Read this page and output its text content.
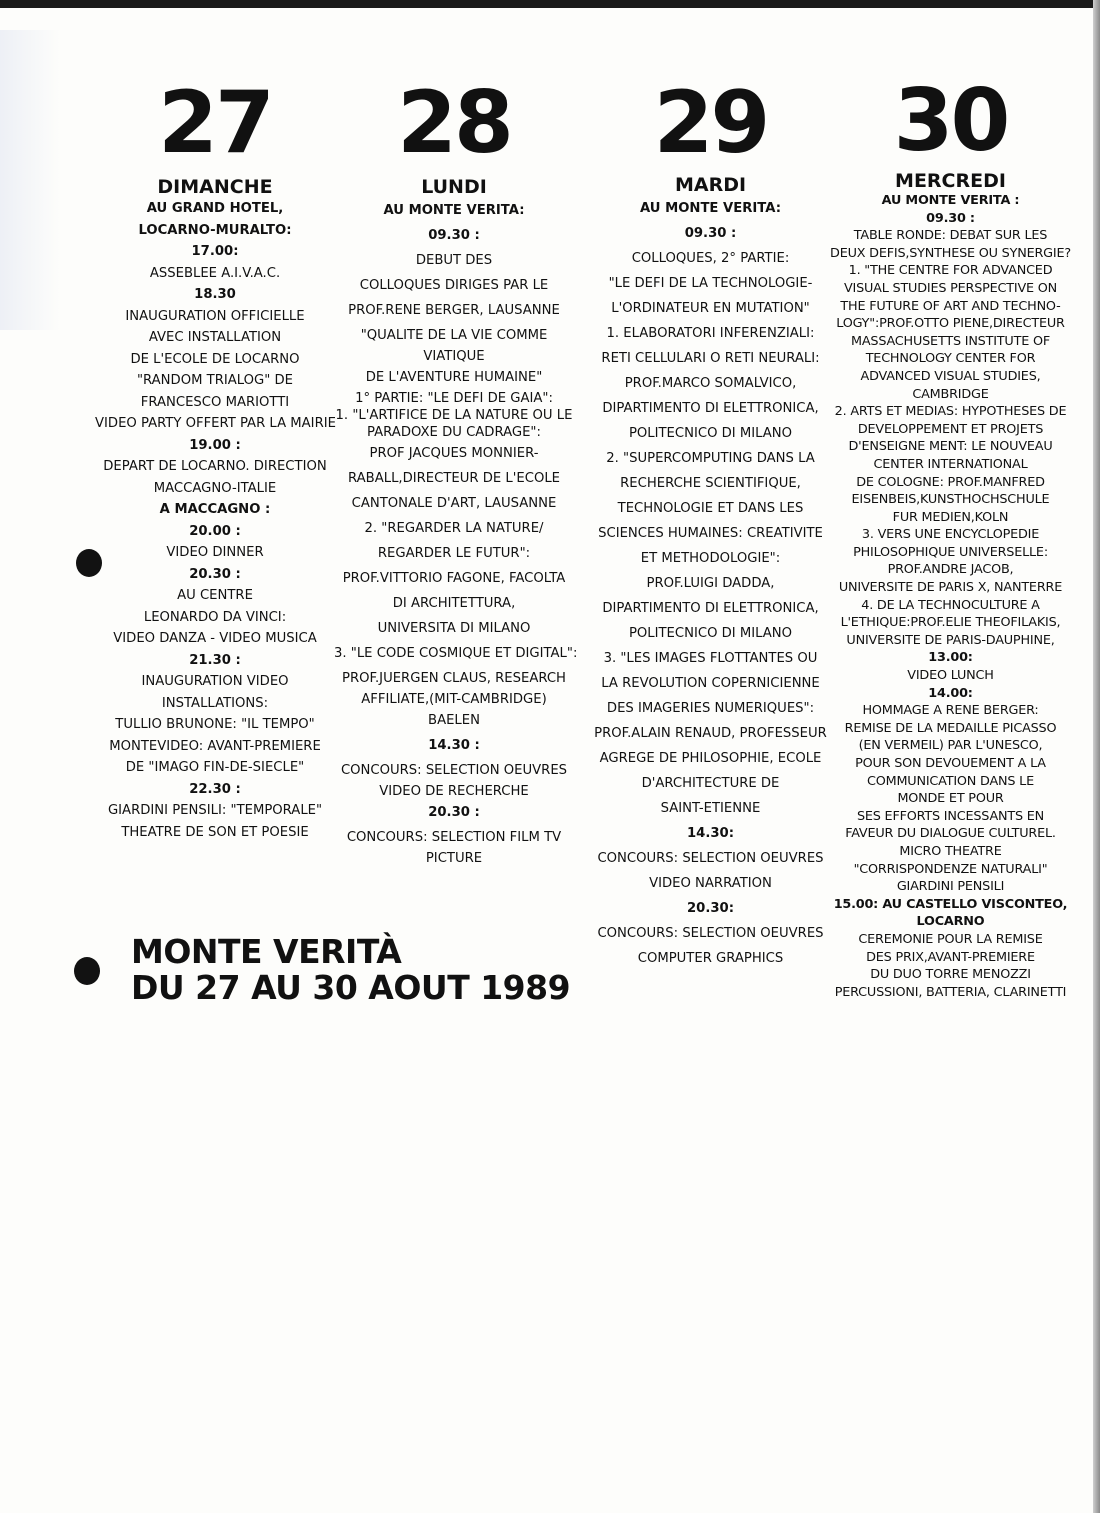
27
DIMANCHE
AU GRAND HOTEL,
LOCARNO-MURALTO:
17.00:
ASSEBLEE A.I.V.A.C.
18.30
INAUGURATION OFFICIELLE
AVEC INSTALLATION
DE L'ECOLE DE LOCARNO
"RANDOM TRIALOG" DE
FRANCESCO MARIOTTI
VIDEO PARTY OFFERT PAR LA MAIRIE
19.00 :
DEPART DE LOCARNO. DIRECTION
MACCAGNO-ITALIE
A MACCAGNO :
20.00 :
VIDEO DINNER
20.30 :
AU CENTRE
LEONARDO DA VINCI:
VIDEO DANZA - VIDEO MUSICA
21.30 :
INAUGURATION VIDEO
INSTALLATIONS:
TULLIO BRUNONE: "IL TEMPO"
MONTEVIDEO: AVANT-PREMIERE
DE "IMAGO FIN-DE-SIECLE"
22.30 :
GIARDINI PENSILI: "TEMPORALE"
THEATRE DE SON ET POESIE
28
LUNDI
AU MONTE VERITA:
09.30 :
DEBUT DES
COLLOQUES DIRIGES PAR LE
PROF.RENE BERGER, LAUSANNE
"QUALITE DE LA VIE COMME
VIATIQUE
DE L'AVENTURE HUMAINE"
1° PARTIE: "LE DEFI DE GAIA":
1. "L'ARTIFICE DE LA NATURE OU LE
PARADOXE DU CADRAGE":
PROF JACQUES MONNIER-
RABALL,DIRECTEUR DE L'ECOLE
CANTONALE D'ART, LAUSANNE
2. "REGARDER LA NATURE/
REGARDER LE FUTUR":
PROF.VITTORIO FAGONE, FACOLTA
DI ARCHITETTURA,
UNIVERSITA DI MILANO
3. "LE CODE COSMIQUE ET DIGITAL":
PROF.JUERGEN CLAUS, RESEARCH
AFFILIATE,(MIT-CAMBRIDGE)
BAELEN
14.30 :
CONCOURS: SELECTION OEUVRES
VIDEO DE RECHERCHE
20.30 :
CONCOURS: SELECTION FILM TV
PICTURE
29
MARDI
AU MONTE VERITA:
09.30 :
COLLOQUES, 2° PARTIE:
"LE DEFI DE LA TECHNOLOGIE-
L'ORDINATEUR EN MUTATION"
1. ELABORATORI INFERENZIALI:
RETI CELLULARI O RETI NEURALI:
PROF.MARCO SOMALVICO,
DIPARTIMENTO DI ELETTRONICA,
POLITECNICO DI MILANO
2. "SUPERCOMPUTING DANS LA
RECHERCHE SCIENTIFIQUE,
TECHNOLOGIE ET DANS LES
SCIENCES HUMAINES: CREATIVITE
ET METHODOLOGIE":
PROF.LUIGI DADDA,
DIPARTIMENTO DI ELETTRONICA,
POLITECNICO DI MILANO
3. "LES IMAGES FLOTTANTES OU
LA REVOLUTION COPERNICIENNE
DES IMAGERIES NUMERIQUES":
PROF.ALAIN RENAUD, PROFESSEUR
AGREGE DE PHILOSOPHIE, ECOLE
D'ARCHITECTURE DE
SAINT-ETIENNE
14.30:
CONCOURS: SELECTION OEUVRES
VIDEO NARRATION
20.30:
CONCOURS: SELECTION OEUVRES
COMPUTER GRAPHICS
30
MERCREDI
AU MONTE VERITA :
09.30 :
TABLE RONDE: DEBAT SUR LES
DEUX DEFIS,SYNTHESE OU SYNERGIE?
1. "THE CENTRE FOR ADVANCED
VISUAL STUDIES PERSPECTIVE ON
THE FUTURE OF ART AND TECHNO-
LOGY":PROF.OTTO PIENE,DIRECTEUR
MASSACHUSETTS INSTITUTE OF
TECHNOLOGY CENTER FOR
ADVANCED VISUAL STUDIES,
CAMBRIDGE
2. ARTS ET MEDIAS: HYPOTHESES DE
DEVELOPPEMENT ET PROJETS
D'ENSEIGNE MENT: LE NOUVEAU
CENTER INTERNATIONAL
DE COLOGNE: PROF.MANFRED
EISENBEIS,KUNSTHOCHSCHULE
FUR MEDIEN,KOLN
3. VERS UNE ENCYCLOPEDIE
PHILOSOPHIQUE UNIVERSELLE:
PROF.ANDRE JACOB,
UNIVERSITE DE PARIS X, NANTERRE
4. DE LA TECHNOCULTURE A
L'ETHIQUE:PROF.ELIE THEOFILAKIS,
UNIVERSITE DE PARIS-DAUPHINE,
13.00:
VIDEO LUNCH
14.00:
HOMMAGE A RENE BERGER:
REMISE DE LA MEDAILLE PICASSO
(EN VERMEIL) PAR L'UNESCO,
POUR SON DEVOUEMENT A LA
COMMUNICATION DANS LE
MONDE ET POUR
SES EFFORTS INCESSANTS EN
FAVEUR DU DIALOGUE CULTUREL.
MICRO THEATRE
"CORRISPONDENZE NATURALI"
GIARDINI PENSILI
15.00: AU CASTELLO VISCONTEO,
LOCARNO
CEREMONIE POUR LA REMISE
DES PRIX,AVANT-PREMIERE
DU DUO TORRE MENOZZI
PERCUSSIONI, BATTERIA, CLARINETTI
MONTE VERITÀ
DU 27 AU 30 AOUT 1989
